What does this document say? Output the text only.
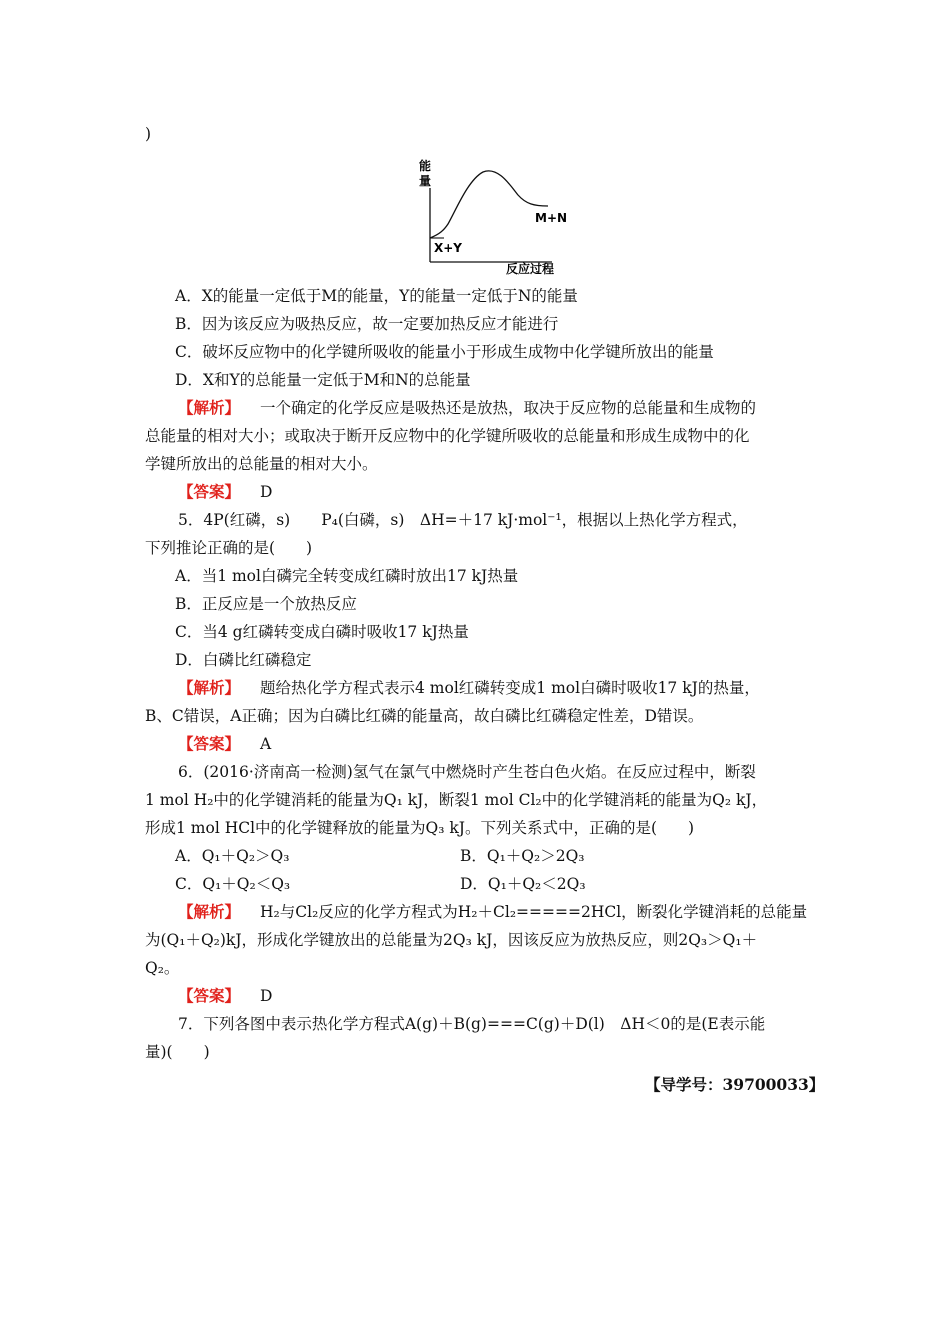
)
能
量
反应过程
X+Y
M+N
A．X的能量一定低于M的能量，Y的能量一定低于N的能量
B．因为该反应为吸热反应，故一定要加热反应才能进行
C．破坏反应物中的化学键所吸收的能量小于形成生成物中化学键所放出的能量
D．X和Y的总能量一定低于M和N的总能量
【解析】 一个确定的化学反应是吸热还是放热，取决于反应物的总能量和生成物的
总能量的相对大小；或取决于断开反应物中的化学键所吸收的总能量和形成生成物中的化
学键所放出的总能量的相对大小。
【答案】 D
5．4P(红磷，s)　　P₄(白磷，s)　ΔH=＋17 kJ·mol⁻¹，根据以上热化学方程式，
下列推论正确的是(　　)
A．当1 mol白磷完全转变成红磷时放出17 kJ热量
B．正反应是一个放热反应
C．当4 g红磷转变成白磷时吸收17 kJ热量
D．白磷比红磷稳定
【解析】 题给热化学方程式表示4 mol红磷转变成1 mol白磷时吸收17 kJ的热量，
B、C错误，A正确；因为白磷比红磷的能量高，故白磷比红磷稳定性差，D错误。
【答案】 A
6．(2016·济南高一检测)氢气在氯气中燃烧时产生苍白色火焰。在反应过程中，断裂
1 mol H₂中的化学键消耗的能量为Q₁ kJ，断裂1 mol Cl₂中的化学键消耗的能量为Q₂ kJ，
形成1 mol HCl中的化学键释放的能量为Q₃ kJ。下列关系式中，正确的是(　　)
A．Q₁＋Q₂＞Q₃	B．Q₁＋Q₂＞2Q₃
C．Q₁＋Q₂＜Q₃	D．Q₁＋Q₂＜2Q₃
【解析】 H₂与Cl₂反应的化学方程式为H₂＋Cl₂=====2HCl，断裂化学键消耗的总能量
为(Q₁＋Q₂)kJ，形成化学键放出的总能量为2Q₃ kJ，因该反应为放热反应，则2Q₃＞Q₁＋
Q₂。
【答案】 D
7．下列各图中表示热化学方程式A(g)＋B(g)===C(g)＋D(l)　ΔH＜0的是(E表示能
量)(　　)
【导学号：39700033】
